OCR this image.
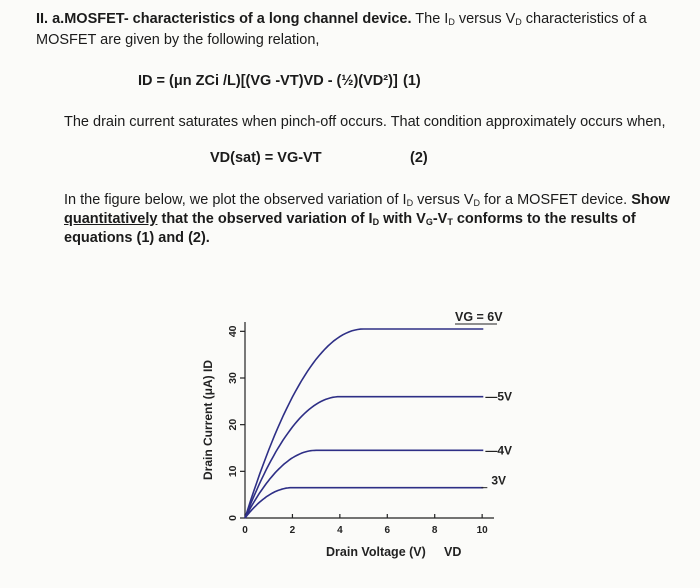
II. a.MOSFET- characteristics of a long channel device. The $I_D$ versus $V_D$ characteristics of a
MOSFET are given by the following relation,
ID = (μn ZCi /L)[(VG -VT)VD - (½)(VD²)] (1)
The drain current saturates when pinch-off occurs. That condition approximately occurs when,
VD(sat) = VG-VT	(2)
In the figure below, we plot the observed variation of $I_D$ versus $V_D$ for a MOSFET device. Show
quantitatively that the observed variation of $I_D$ with $V_G-V_T$ conforms to the results of
equations (1) and (2).
0
10
20
30
40
0	2	4	6	8	10
VG = 6V
—5V
—4V
3V
Drain Current (μA) ID
Drain Voltage (V) VD
